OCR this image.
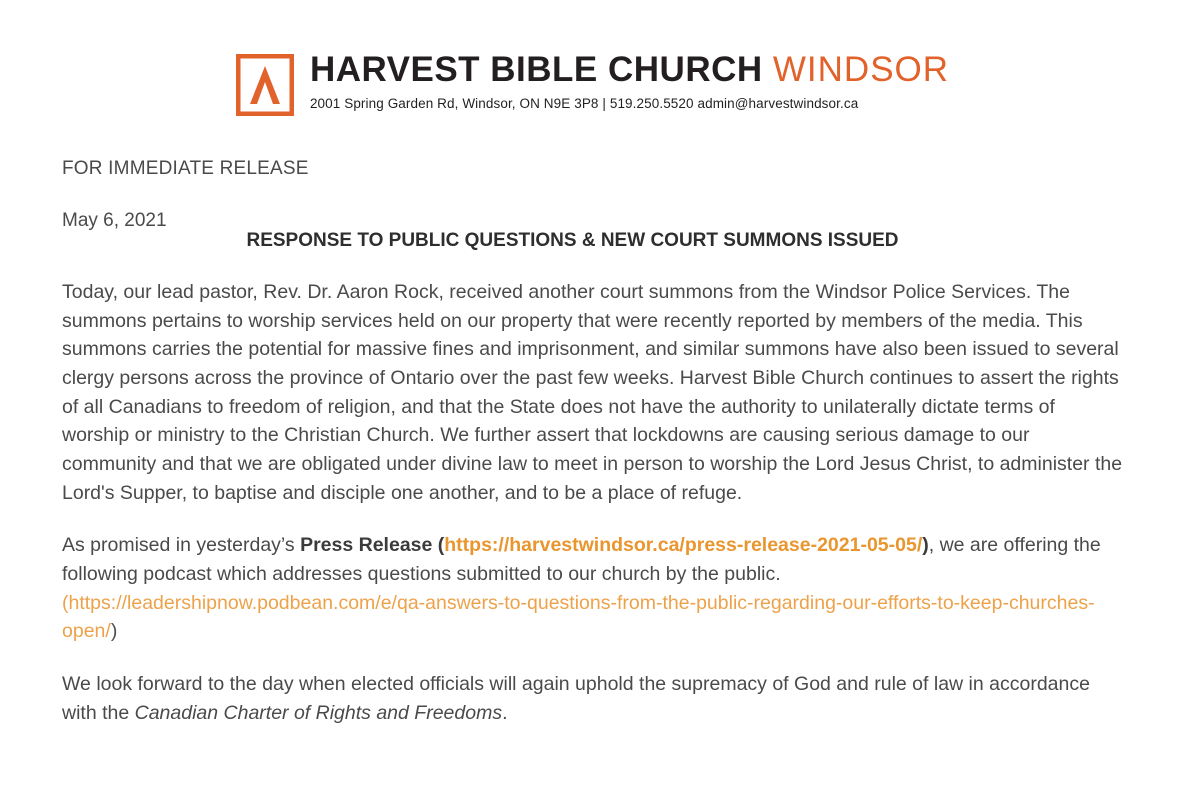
HARVEST BIBLE CHURCH WINDSOR
2001 Spring Garden Rd, Windsor, ON N9E 3P8 | 519.250.5520 admin@harvestwindsor.ca
FOR IMMEDIATE RELEASE
May 6, 2021
RESPONSE TO PUBLIC QUESTIONS & NEW COURT SUMMONS ISSUED

Today, our lead pastor, Rev. Dr. Aaron Rock, received another court summons from the Windsor Police Services. The summons pertains to worship services held on our property that were recently reported by members of the media. This summons carries the potential for massive fines and imprisonment, and similar summons have also been issued to several clergy persons across the province of Ontario over the past few weeks. Harvest Bible Church continues to assert the rights of all Canadians to freedom of religion, and that the State does not have the authority to unilaterally dictate terms of worship or ministry to the Christian Church. We further assert that lockdowns are causing serious damage to our community and that we are obligated under divine law to meet in person to worship the Lord Jesus Christ, to administer the Lord's Supper, to baptise and disciple one another, and to be a place of refuge.

As promised in yesterday’s Press Release (https://harvestwindsor.ca/press-release-2021-05-05/), we are offering the following podcast which addresses questions submitted to our church by the public. (https://leadershipnow.podbean.com/e/qa-answers-to-questions-from-the-public-regarding-our-efforts-to-keep-churches-open/)

We look forward to the day when elected officials will again uphold the supremacy of God and rule of law in accordance with the Canadian Charter of Rights and Freedoms.
